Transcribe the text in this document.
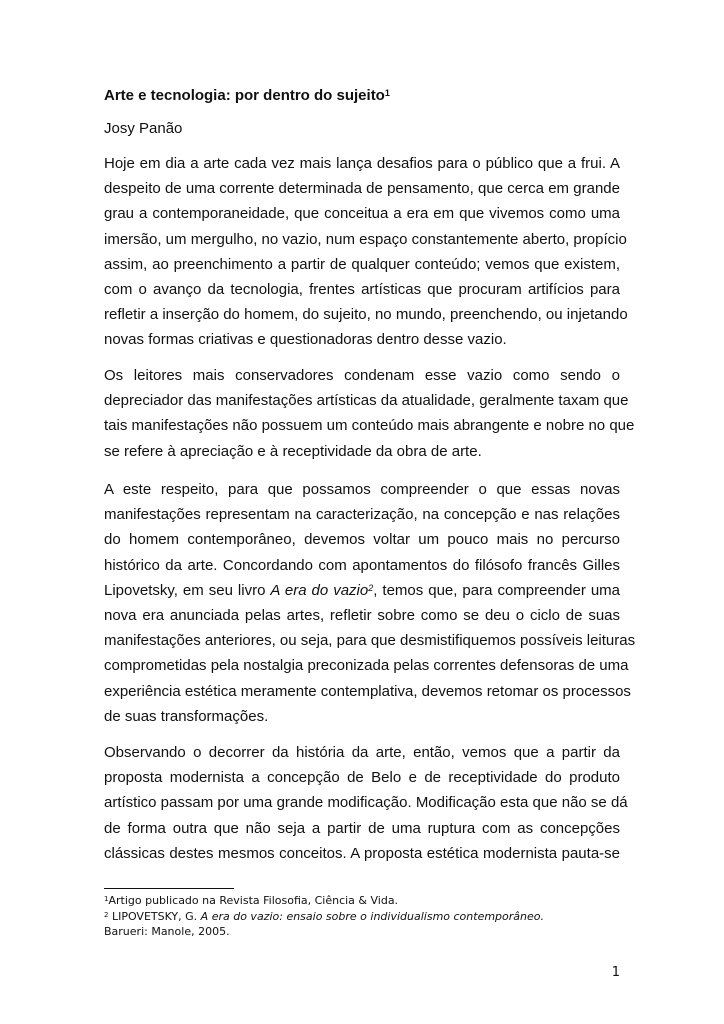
Arte e tecnologia: por dentro do sujeito$^1$
Josy Panão
Hoje em dia a arte cada vez mais lança desafios para o público que a frui. A
despeito de uma corrente determinada de pensamento, que cerca em grande
grau a contemporaneidade, que conceitua a era em que vivemos como uma
imersão, um mergulho, no vazio, num espaço constantemente aberto, propício
assim, ao preenchimento a partir de qualquer conteúdo; vemos que existem,
com o avanço da tecnologia, frentes artísticas que procuram artifícios para
refletir a inserção do homem, do sujeito, no mundo, preenchendo, ou injetando
novas formas criativas e questionadoras dentro desse vazio.
Os leitores mais conservadores condenam esse vazio como sendo o
depreciador das manifestações artísticas da atualidade, geralmente taxam que
tais manifestações não possuem um conteúdo mais abrangente e nobre no que
se refere à apreciação e à receptividade da obra de arte.
A este respeito, para que possamos compreender o que essas novas
manifestações representam na caracterização, na concepção e nas relações
do homem contemporâneo, devemos voltar um pouco mais no percurso
histórico da arte. Concordando com apontamentos do filósofo francês Gilles
Lipovetsky, em seu livro A era do vazio$^2$, temos que, para compreender uma
nova era anunciada pelas artes, refletir sobre como se deu o ciclo de suas
manifestações anteriores, ou seja, para que desmistifiquemos possíveis leituras
comprometidas pela nostalgia preconizada pelas correntes defensoras de uma
experiência estética meramente contemplativa, devemos retomar os processos
de suas transformações.
Observando o decorrer da história da arte, então, vemos que a partir da
proposta modernista a concepção de Belo e de receptividade do produto
artístico passam por uma grande modificação. Modificação esta que não se dá
de forma outra que não seja a partir de uma ruptura com as concepções
clássicas destes mesmos conceitos. A proposta estética modernista pauta-se
$^1$Artigo publicado na Revista Filosofia, Ciência & Vida.
$^2$ LIPOVETSKY, G. A era do vazio: ensaio sobre o individualismo contemporâneo.
Barueri: Manole, 2005.
1
